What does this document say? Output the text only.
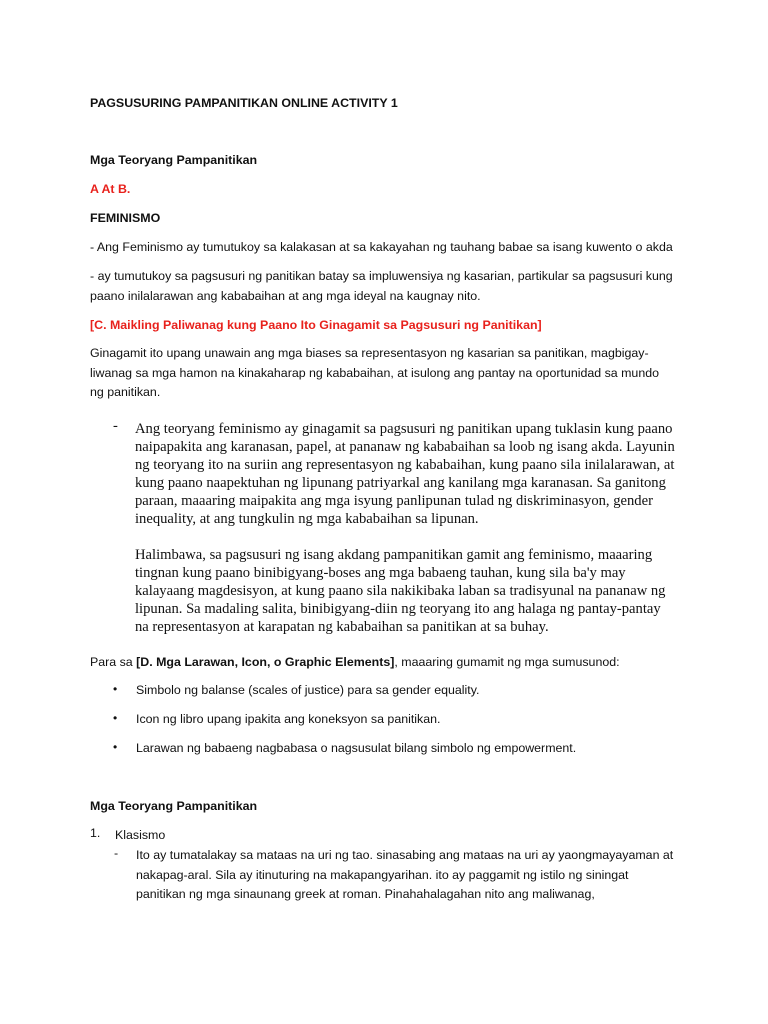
PAGSUSURING PAMPANITIKAN ONLINE ACTIVITY 1
Mga Teoryang Pampanitikan
A At B.
FEMINISMO
- Ang Feminismo ay tumutukoy sa kalakasan at sa kakayahan ng tauhang babae sa isang kuwento o akda
- ay tumutukoy sa pagsusuri ng panitikan batay sa impluwensiya ng kasarian, partikular sa pagsusuri kung paano inilalarawan ang kababaihan at ang mga ideyal na kaugnay nito.
[C. Maikling Paliwanag kung Paano Ito Ginagamit sa Pagsusuri ng Panitikan]
Ginagamit ito upang unawain ang mga biases sa representasyon ng kasarian sa panitikan, magbigay-liwanag sa mga hamon na kinakaharap ng kababaihan, at isulong ang pantay na oportunidad sa mundo ng panitikan.
- Ang teoryang feminismo ay ginagamit sa pagsusuri ng panitikan upang tuklasin kung paano naipapakita ang karanasan, papel, at pananaw ng kababaihan sa loob ng isang akda. Layunin ng teoryang ito na suriin ang representasyon ng kababaihan, kung paano sila inilalarawan, at kung paano naapektuhan ng lipunang patriyarkal ang kanilang mga karanasan. Sa ganitong paraan, maaaring maipakita ang mga isyung panlipunan tulad ng diskriminasyon, gender inequality, at ang tungkulin ng mga kababaihan sa lipunan.
Halimbawa, sa pagsusuri ng isang akdang pampanitikan gamit ang feminismo, maaaring tingnan kung paano binibigyang-boses ang mga babaeng tauhan, kung sila ba'y may kalayaang magdesisyon, at kung paano sila nakikibaka laban sa tradisyunal na pananaw ng lipunan. Sa madaling salita, binibigyang-diin ng teoryang ito ang halaga ng pantay-pantay na representasyon at karapatan ng kababaihan sa panitikan at sa buhay.
Para sa [D. Mga Larawan, Icon, o Graphic Elements], maaaring gumamit ng mga sumusunod:
• Simbolo ng balanse (scales of justice) para sa gender equality.
• Icon ng libro upang ipakita ang koneksyon sa panitikan.
• Larawan ng babaeng nagbabasa o nagsusulat bilang simbolo ng empowerment.
Mga Teoryang Pampanitikan
1. Klasismo
- Ito ay tumatalakay sa mataas na uri ng tao. sinasabing ang mataas na uri ay yaongmayayaman at nakapag-aral. Sila ay itinuturing na makapangyarihan. ito ay paggamit ng istilo ng siningat panitikan ng mga sinaunang greek at roman. Pinahahalagahan nito ang maliwanag,
